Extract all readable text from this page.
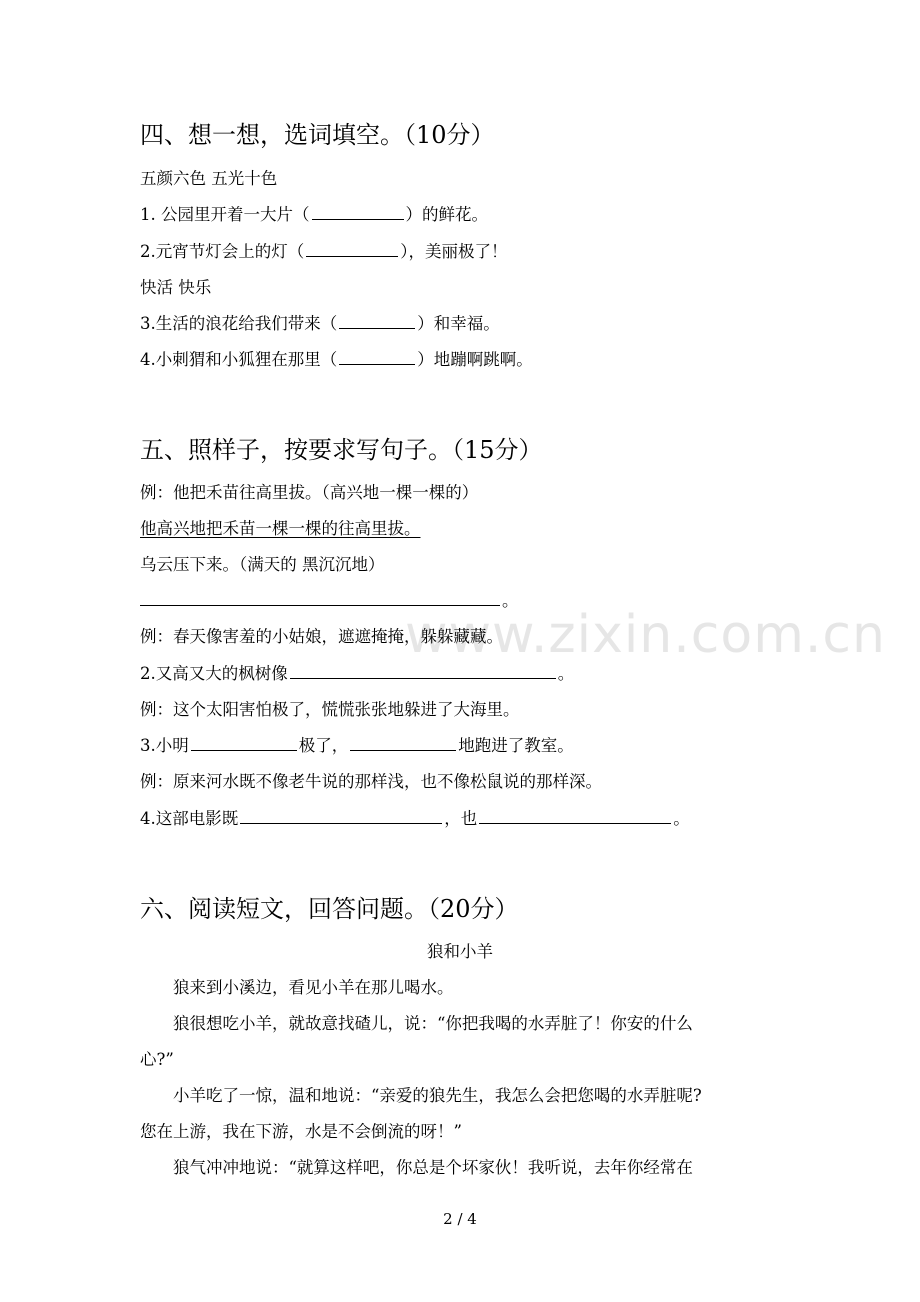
www.zixin.com.cn
四、想一想，选词填空。（10分）
五颜六色 五光十色
1. 公园里开着一大片（	）的鲜花。
2.元宵节灯会上的灯（	），美丽极了！
快活 快乐
3.生活的浪花给我们带来（	）和幸福。
4.小刺猬和小狐狸在那里（	）地蹦啊跳啊。
五、照样子，按要求写句子。（15分）
例：他把禾苗往高里拔。（高兴地一棵一棵的）
他高兴地把禾苗一棵一棵的往高里拔。
乌云压下来。（满天的 黑沉沉地）
。
例：春天像害羞的小姑娘，遮遮掩掩，躲躲藏藏。
2.又高又大的枫树像	。
例：这个太阳害怕极了，慌慌张张地躲进了大海里。
3.小明	极了，	地跑进了教室。
例：原来河水既不像老牛说的那样浅，也不像松鼠说的那样深。
4.这部电影既	，也	。
六、阅读短文，回答问题。（20分）
狼和小羊
狼来到小溪边，看见小羊在那儿喝水。
狼很想吃小羊，就故意找碴儿，说：“你把我喝的水弄脏了！你安的什么
心?”
小羊吃了一惊，温和地说：“亲爱的狼先生，我怎么会把您喝的水弄脏呢?
您在上游，我在下游，水是不会倒流的呀！”
狼气冲冲地说：“就算这样吧，你总是个坏家伙！我听说，去年你经常在
2 / 4
